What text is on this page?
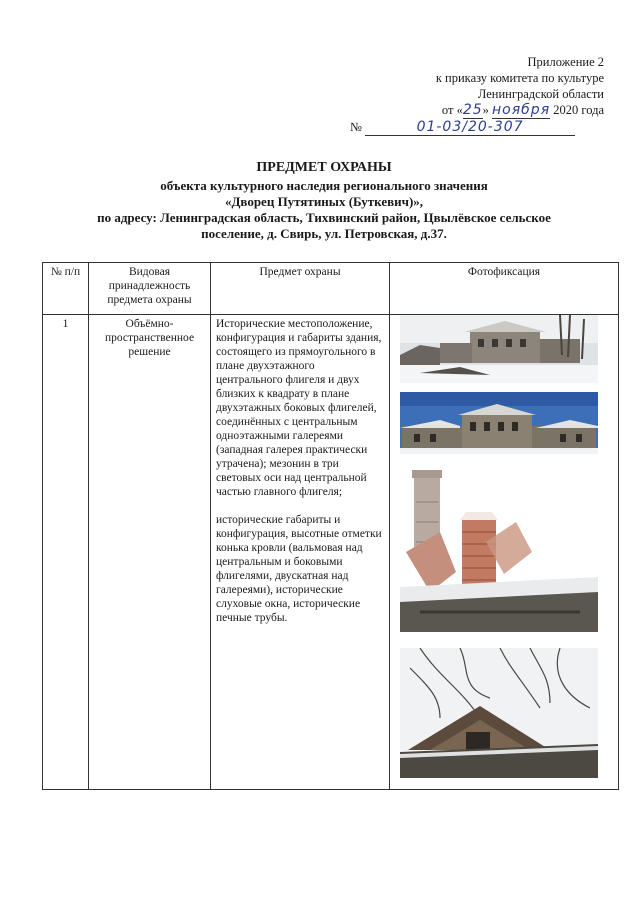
Приложение 2
к приказу комитета по культуре
Ленинградской области
от «25» ноября 2020 года
№	01-03/20-307
ПРЕДМЕТ ОХРАНЫ
объекта культурного наследия регионального значения
«Дворец Путятиных (Буткевич)»,
по адресу: Ленинградская область, Тихвинский район, Цвылёвское сельское
поселение, д. Свирь, ул. Петровская, д.37.
№ п/п	Видовая принадлежность предмета охраны	Предмет охраны	Фотофиксация
1	Объёмно-пространственное решение	Исторические местоположение, конфигурация и габариты здания, состоящего из прямоугольного в плане двухэтажного центрального флигеля и двух близких к квадрату в плане двухэтажных боковых флигелей, соединённых с центральным одноэтажными галереями (западная галерея практически утрачена); мезонин в три световых оси над центральной частью главного флигеля;

исторические габариты и конфигурация, высотные отметки конька кровли (вальмовая над центральным и боковыми флигелями, двускатная над галереями), исторические слуховые окна, исторические печные трубы.
